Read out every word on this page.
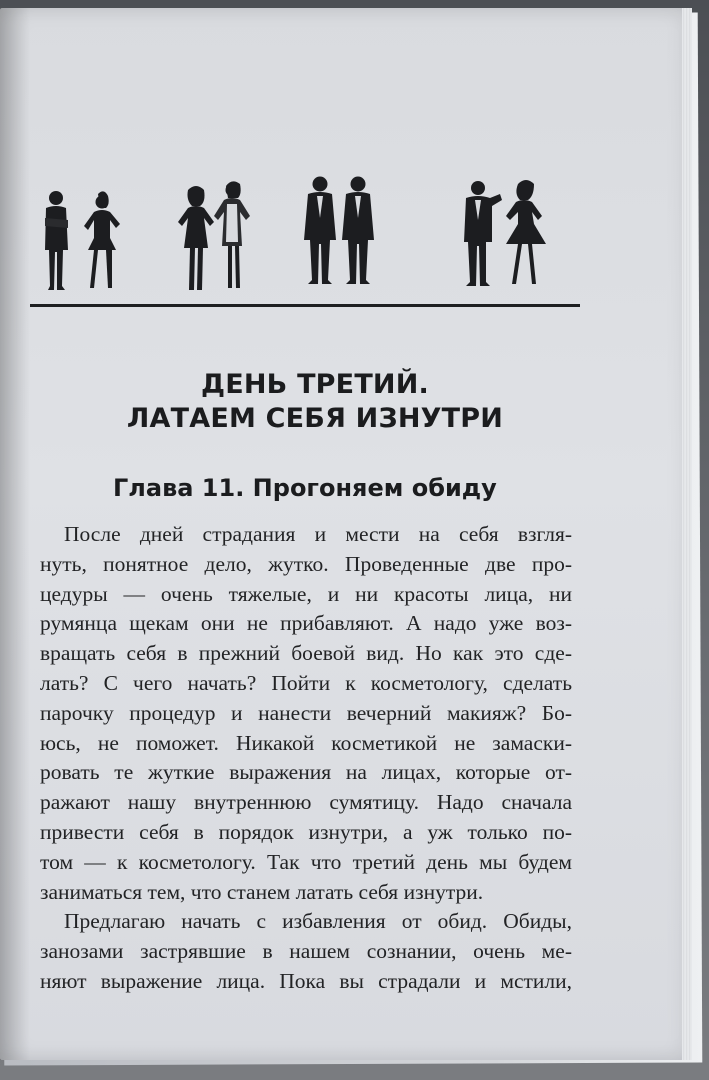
ДЕНЬ ТРЕТИЙ.
ЛАТАЕМ СЕБЯ ИЗНУТРИ
Глава 11. Прогоняем обиду
После дней страдания и мести на себя взгля-
нуть, понятное дело, жутко. Проведенные две про-
цедуры — очень тяжелые, и ни красоты лица, ни
румянца щекам они не прибавляют. А надо уже воз-
вращать себя в прежний боевой вид. Но как это сде-
лать? С чего начать? Пойти к косметологу, сделать
парочку процедур и нанести вечерний макияж? Бо-
юсь, не поможет. Никакой косметикой не замаски-
ровать те жуткие выражения на лицах, которые от-
ражают нашу внутреннюю сумятицу. Надо сначала
привести себя в порядок изнутри, а уж только по-
том — к косметологу. Так что третий день мы будем
заниматься тем, что станем латать себя изнутри.
Предлагаю начать с избавления от обид. Обиды,
занозами застрявшие в нашем сознании, очень ме-
няют выражение лица. Пока вы страдали и мстили,
